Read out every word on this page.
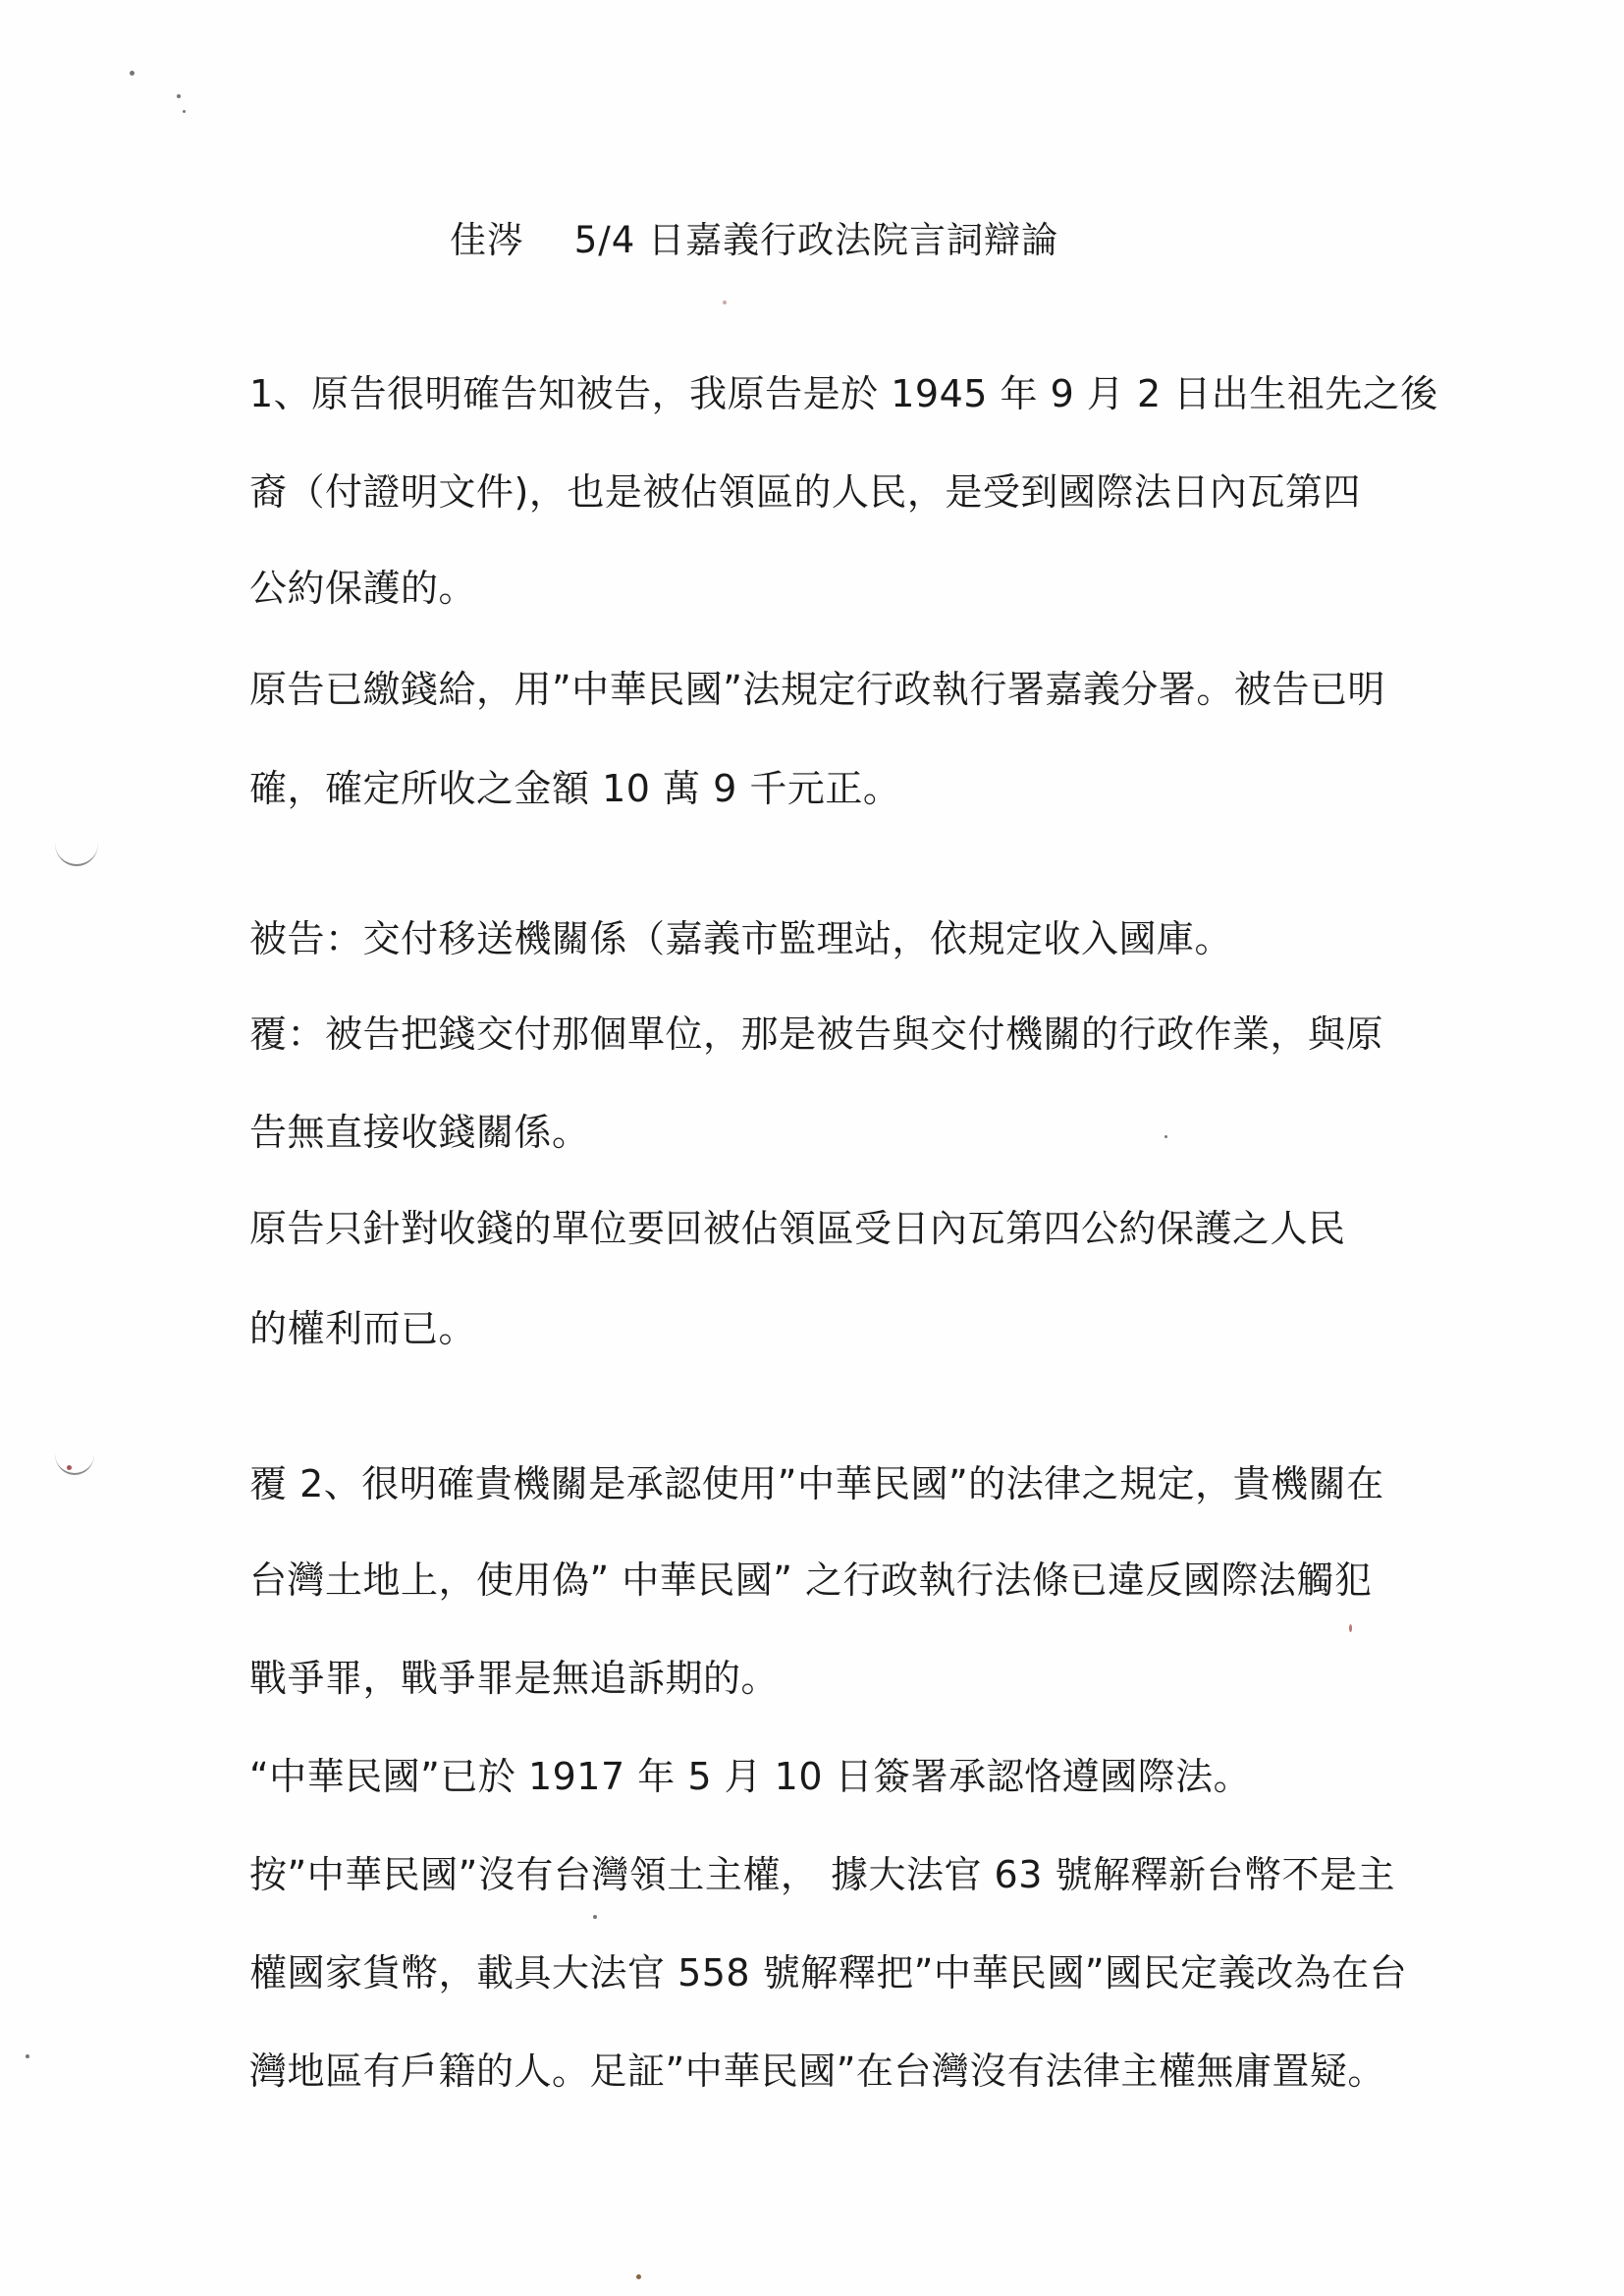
佳涔　 5/4 日嘉義行政法院言詞辯論
1、原告很明確告知被告，我原告是於 1945 年 9 月 2 日出生祖先之後
裔（付證明文件)，也是被佔領區的人民，是受到國際法日內瓦第四
公約保護的。
原告已繳錢給，用”中華民國”法規定行政執行署嘉義分署。被告已明
確，確定所收之金額 10 萬 9 千元正。
被告：交付移送機關係（嘉義市監理站，依規定收入國庫。
覆：被告把錢交付那個單位，那是被告與交付機關的行政作業，與原
告無直接收錢關係。
原告只針對收錢的單位要回被佔領區受日內瓦第四公約保護之人民
的權利而已。
覆 2、很明確貴機關是承認使用”中華民國”的法律之規定，貴機關在
台灣土地上，使用偽” 中華民國” 之行政執行法條已違反國際法觸犯
戰爭罪，戰爭罪是無追訴期的。
“中華民國”已於 1917 年 5 月 10 日簽署承認恪遵國際法。
按”中華民國”沒有台灣領土主權， 據大法官 63 號解釋新台幣不是主
權國家貨幣，載具大法官 558 號解釋把”中華民國”國民定義改為在台
灣地區有戶籍的人。足証”中華民國”在台灣沒有法律主權無庸置疑。
